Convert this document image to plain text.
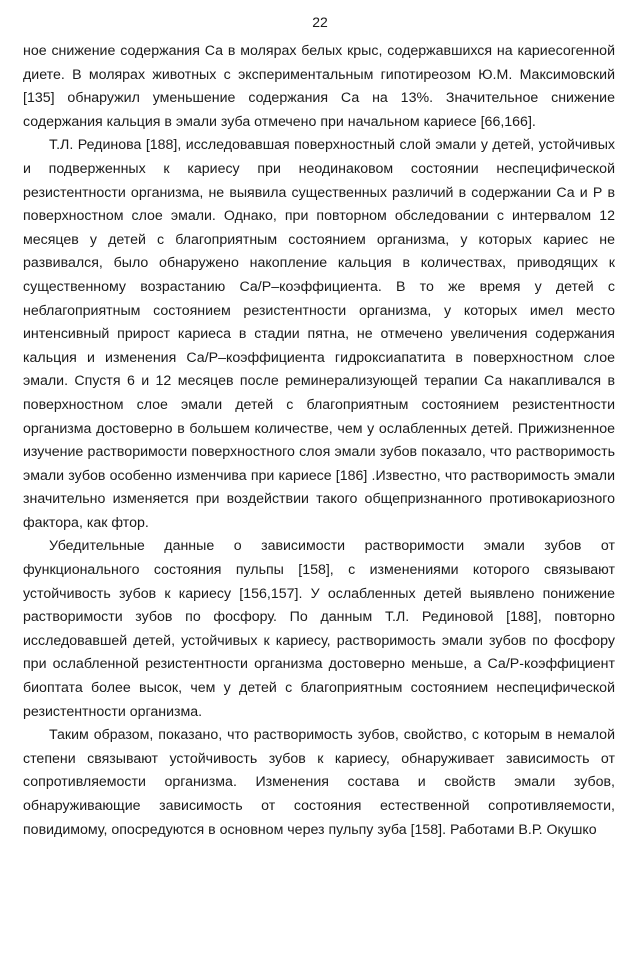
22

ное снижение содержания Са в молярах белых крыс, содержавшихся на кариесогенной диете. В молярах животных с экспериментальным гипотиреозом Ю.М. Максимовский [135] обнаружил уменьшение содержания Са на 13%. Значительное снижение содержания кальция в эмали зуба отмечено при начальном кариесе [66,166].

Т.Л. Рединова [188], исследовавшая поверхностный слой эмали у детей, устойчивых и подверженных к кариесу при неодинаковом состоянии неспецифической резистентности организма, не выявила существенных различий в содержании Са и Р в поверхностном слое эмали. Однако, при повторном обследовании с интервалом 12 месяцев у детей с благоприятным состоянием организма, у которых кариес не развивался, было обнаружено накопление кальция в количествах, приводящих к существенному возрастанию Са/Р–коэффициента. В то же время у детей с неблагоприятным состоянием резистентности организма, у которых имел место интенсивный прирост кариеса в стадии пятна, не отмечено увеличения содержания кальция и изменения Са/Р–коэффициента гидроксиапатита в поверхностном слое эмали. Спустя 6 и 12 месяцев после реминерализующей терапии Са накапливался в поверхностном слое эмали детей с благоприятным состоянием резистентности организма достоверно в большем количестве, чем у ослабленных детей. Прижизненное изучение растворимости поверхностного слоя эмали зубов показало, что растворимость эмали зубов особенно изменчива при кариесе [186] .Известно, что растворимость эмали значительно изменяется при воздействии такого общепризнанного противокариозного фактора, как фтор.

Убедительные данные о зависимости растворимости эмали зубов от функционального состояния пульпы [158], с изменениями которого связывают устойчивость зубов к кариесу [156,157]. У ослабленных детей выявлено понижение растворимости зубов по фосфору. По данным Т.Л. Рединовой [188], повторно исследовавшей детей, устойчивых к кариесу, растворимость эмали зубов по фосфору при ослабленной резистентности организма достоверно меньше, а Са/Р-коэффициент биоптата более высок, чем у детей с благоприятным состоянием неспецифической резистентности организма.

Таким образом, показано, что растворимость зубов, свойство, с которым в немалой степени связывают устойчивость зубов к кариесу, обнаруживает зависимость от сопротивляемости организма. Изменения состава и свойств эмали зубов, обнаруживающие зависимость от состояния естественной сопротивляемости, повидимому, опосредуются в основном через пульпу зуба [158]. Работами В.Р. Окушко
